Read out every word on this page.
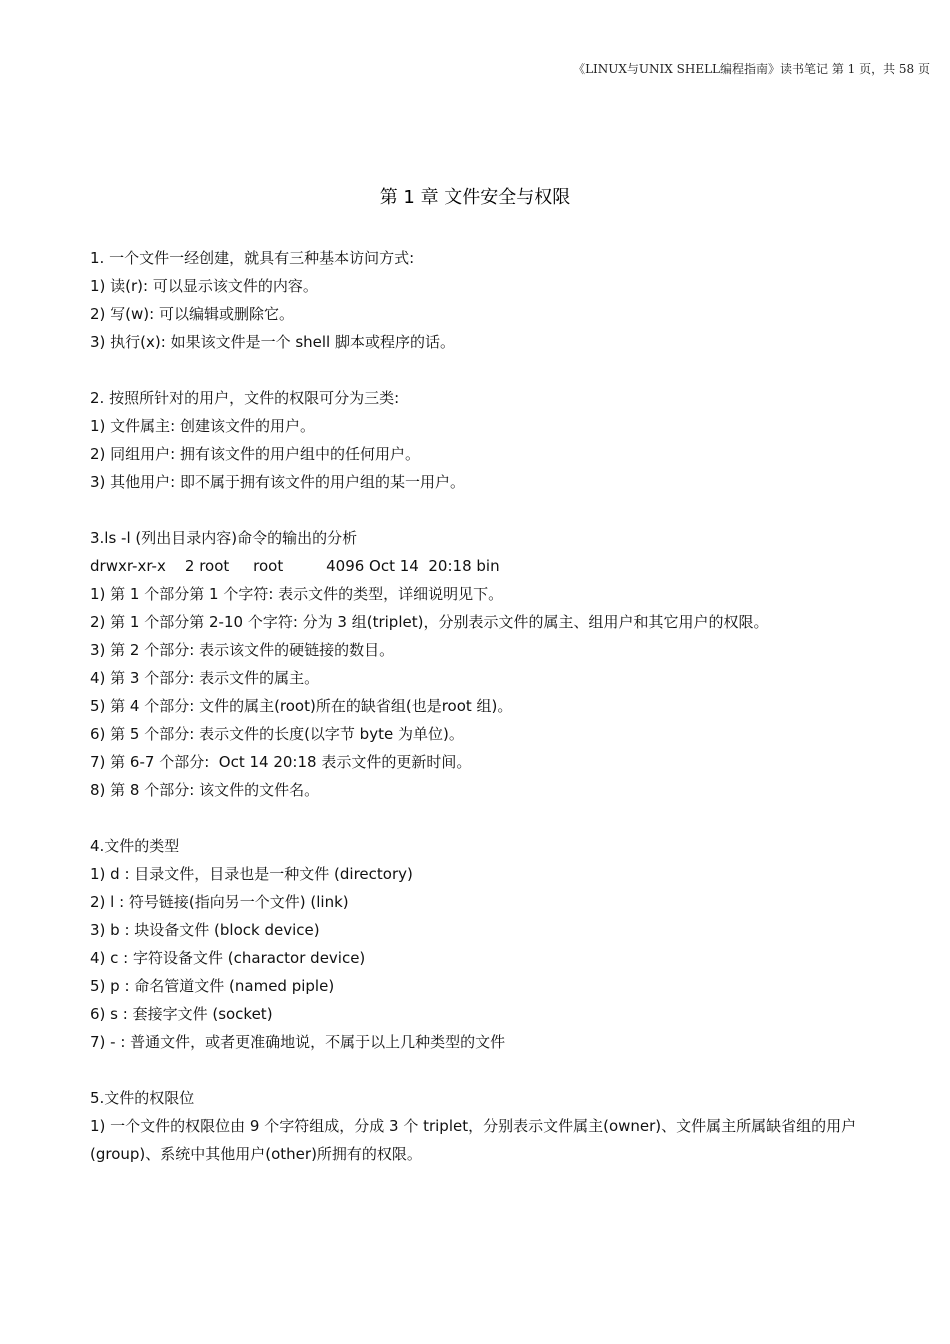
《LINUX与UNIX SHELL编程指南》读书笔记 第 1 页，共 58 页
第 1 章 文件安全与权限

1. 一个文件一经创建，就具有三种基本访问方式:

1) 读(r): 可以显示该文件的内容。

2) 写(w): 可以编辑或删除它。

3) 执行(x): 如果该文件是一个 shell 脚本或程序的话。

2. 按照所针对的用户，文件的权限可分为三类:

1) 文件属主: 创建该文件的用户。

2) 同组用户: 拥有该文件的用户组中的任何用户。

3) 其他用户: 即不属于拥有该文件的用户组的某一用户。

3.ls -l (列出目录内容)命令的输出的分析

drwxr-xr-x    2 root     root         4096 Oct 14  20:18 bin

1) 第 1 个部分第 1 个字符: 表示文件的类型，详细说明见下。

2) 第 1 个部分第 2-10 个字符: 分为 3 组(triplet)，分别表示文件的属主、组用户和其它用户的权限。

3) 第 2 个部分: 表示该文件的硬链接的数目。

4) 第 3 个部分: 表示文件的属主。

5) 第 4 个部分: 文件的属主(root)所在的缺省组(也是root 组)。

6) 第 5 个部分: 表示文件的长度(以字节 byte 为单位)。

7) 第 6-7 个部分:  Oct 14 20:18 表示文件的更新时间。

8) 第 8 个部分: 该文件的文件名。

4.文件的类型

1) d : 目录文件，目录也是一种文件 (directory)

2) l : 符号链接(指向另一个文件) (link)

3) b : 块设备文件 (block device)

4) c : 字符设备文件 (charactor device)

5) p : 命名管道文件 (named piple)

6) s : 套接字文件 (socket)

7) - : 普通文件，或者更准确地说，不属于以上几种类型的文件

5.文件的权限位

1) 一个文件的权限位由 9 个字符组成，分成 3 个 triplet，分别表示文件属主(owner)、文件属主所属缺省组的用户(group)、系统中其他用户(other)所拥有的权限。
